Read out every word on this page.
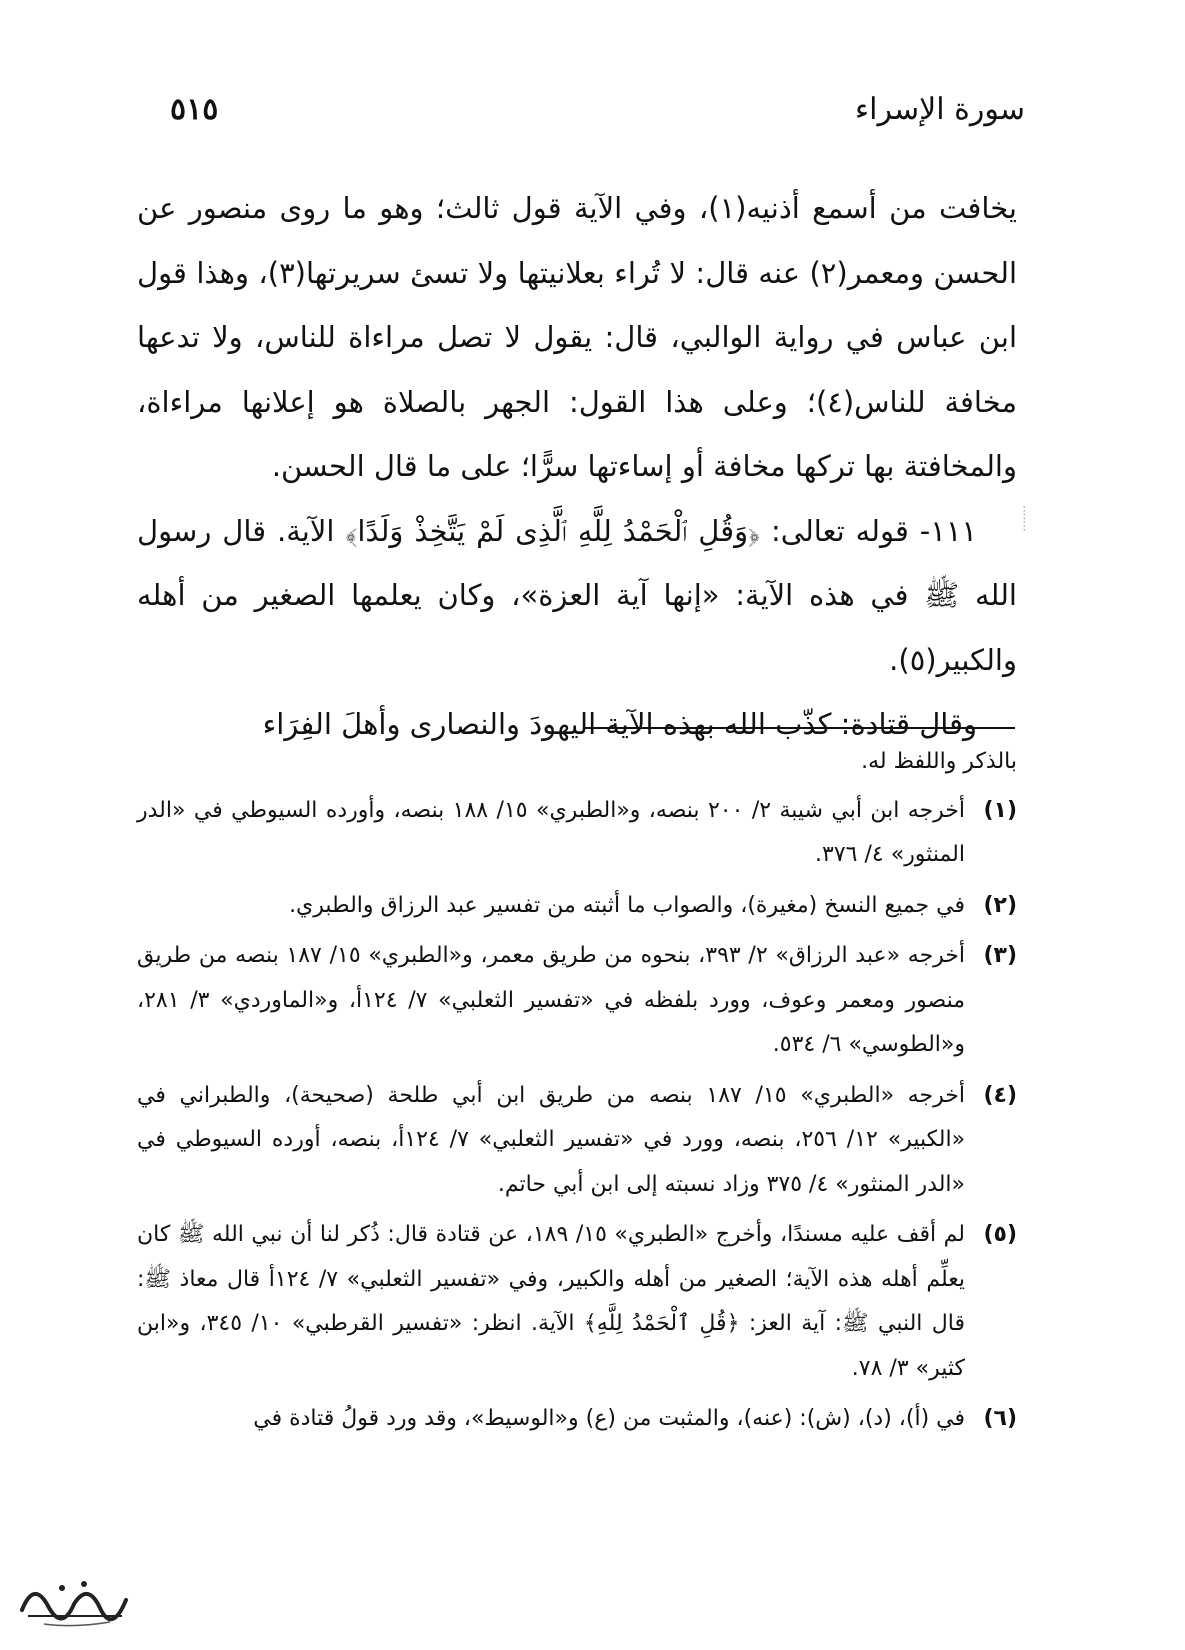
سورة الإسراء
٥١٥

يخافت من أسمع أذنيه(١)، وفي الآية قول ثالث؛ وهو ما روى منصور عن الحسن ومعمر(٢) عنه قال: لا تُراء بعلانيتها ولا تسئ سريرتها(٣)، وهذا قول ابن عباس في رواية الوالبي، قال: يقول لا تصل مراءاة للناس، ولا تدعها مخافة للناس(٤)؛ وعلى هذا القول: الجهر بالصلاة هو إعلانها مراءاة، والمخافتة بها تركها مخافة أو إساءتها سرًّا؛ على ما قال الحسن.

١١١- قوله تعالى: ﴿وَقُلِ ٱلْحَمْدُ لِلَّهِ ٱلَّذِى لَمْ يَتَّخِذْ وَلَدًا﴾ الآية. قال رسول الله ﷺ في هذه الآية: «إنها آية العزة»، وكان يعلمها الصغير من أهله والكبير(٥).

وقال قتادة: كذّب الله بهذه الآية اليهودَ والنصارى وأهلَ الفِرَاء

·······

بالذكر واللفظ له.

(١)
أخرجه ابن أبي شيبة ٢/ ٢٠٠ بنصه، و«الطبري» ١٥/ ١٨٨ بنصه، وأورده السيوطي في «الدر المنثور» ٤/ ٣٧٦.

(٢)
في جميع النسخ (مغيرة)، والصواب ما أثبته من تفسير عبد الرزاق والطبري.

(٣)
أخرجه «عبد الرزاق» ٢/ ٣٩٣، بنحوه من طريق معمر، و«الطبري» ١٥/ ١٨٧ بنصه من طريق منصور ومعمر وعوف، وورد بلفظه في «تفسير الثعلبي» ٧/ ١٢٤أ، و«الماوردي» ٣/ ٢٨١، و«الطوسي» ٦/ ٥٣٤.

(٤)
أخرجه «الطبري» ١٥/ ١٨٧ بنصه من طريق ابن أبي طلحة (صحيحة)، والطبراني في «الكبير» ١٢/ ٢٥٦، بنصه، وورد في «تفسير الثعلبي» ٧/ ١٢٤أ، بنصه، أورده السيوطي في «الدر المنثور» ٤/ ٣٧٥ وزاد نسبته إلى ابن أبي حاتم.

(٥)
لم أقف عليه مسندًا، وأخرج «الطبري» ١٥/ ١٨٩، عن قتادة قال: ذُكر لنا أن نبي الله ﷺ كان يعلِّم أهله هذه الآية؛ الصغير من أهله والكبير، وفي «تفسير الثعلبي» ٧/ ١٢٤أ قال معاذ ﷺ: قال النبي ﷺ: آية العز: ﴿قُلِ ٱلْحَمْدُ لِلَّهِ﴾ الآية. انظر: «تفسير القرطبي» ١٠/ ٣٤٥، و«ابن كثير» ٣/ ٧٨.

(٦)
في (أ)، (د)، (ش): (عنه)، والمثبت من (ع) و«الوسيط»، وقد ورد قولُ قتادة في
